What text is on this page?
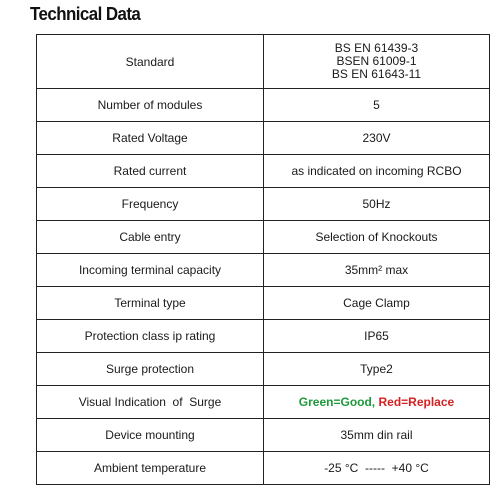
Technical Data
Standard	BS EN 61439-3
BSEN 61009-1
BS EN 61643-11

Number of modules	5
Rated Voltage	230V
Rated current	as indicated on incoming RCBO
Frequency	50Hz
Cable entry	Selection of Knockouts
Incoming terminal capacity	35mm² max
Terminal type	Cage Clamp
Protection class ip rating	IP65
Surge protection	Type2
Visual Indication  of  Surge	Green=Good, Red=Replace
Device mounting	35mm din rail
Ambient temperature	-25 °C  -----  +40 °C
